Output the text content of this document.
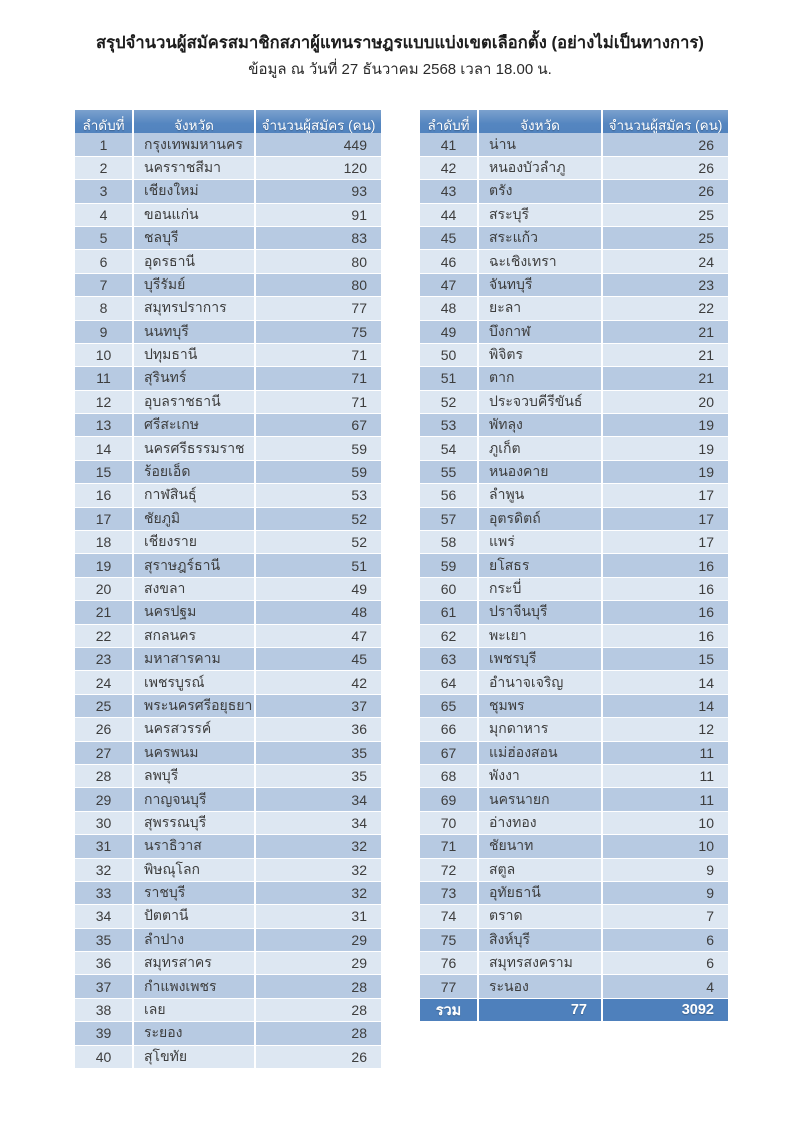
สรุปจำนวนผู้สมัครสมาชิกสภาผู้แทนราษฎรแบบแบ่งเขตเลือกตั้ง (อย่างไม่เป็นทางการ)
ข้อมูล ณ วันที่ 27 ธันวาคม 2568 เวลา 18.00 น.
ลำดับที่	จังหวัด	จำนวนผู้สมัคร (คน)
1	กรุงเทพมหานคร	449
2	นครราชสีมา	120
3	เชียงใหม่	93
4	ขอนแก่น	91
5	ชลบุรี	83
6	อุดรธานี	80
7	บุรีรัมย์	80
8	สมุทรปราการ	77
9	นนทบุรี	75
10	ปทุมธานี	71
11	สุรินทร์	71
12	อุบลราชธานี	71
13	ศรีสะเกษ	67
14	นครศรีธรรมราช	59
15	ร้อยเอ็ด	59
16	กาฬสินธุ์	53
17	ชัยภูมิ	52
18	เชียงราย	52
19	สุราษฎร์ธานี	51
20	สงขลา	49
21	นครปฐม	48
22	สกลนคร	47
23	มหาสารคาม	45
24	เพชรบูรณ์	42
25	พระนครศรีอยุธยา	37
26	นครสวรรค์	36
27	นครพนม	35
28	ลพบุรี	35
29	กาญจนบุรี	34
30	สุพรรณบุรี	34
31	นราธิวาส	32
32	พิษณุโลก	32
33	ราชบุรี	32
34	ปัตตานี	31
35	ลำปาง	29
36	สมุทรสาคร	29
37	กำแพงเพชร	28
38	เลย	28
39	ระยอง	28
40	สุโขทัย	26
ลำดับที่	จังหวัด	จำนวนผู้สมัคร (คน)
41	น่าน	26
42	หนองบัวลำภู	26
43	ตรัง	26
44	สระบุรี	25
45	สระแก้ว	25
46	ฉะเชิงเทรา	24
47	จันทบุรี	23
48	ยะลา	22
49	บึงกาฬ	21
50	พิจิตร	21
51	ตาก	21
52	ประจวบคีรีขันธ์	20
53	พัทลุง	19
54	ภูเก็ต	19
55	หนองคาย	19
56	ลำพูน	17
57	อุตรดิตถ์	17
58	แพร่	17
59	ยโสธร	16
60	กระบี่	16
61	ปราจีนบุรี	16
62	พะเยา	16
63	เพชรบุรี	15
64	อำนาจเจริญ	14
65	ชุมพร	14
66	มุกดาหาร	12
67	แม่ฮ่องสอน	11
68	พังงา	11
69	นครนายก	11
70	อ่างทอง	10
71	ชัยนาท	10
72	สตูล	9
73	อุทัยธานี	9
74	ตราด	7
75	สิงห์บุรี	6
76	สมุทรสงคราม	6
77	ระนอง	4
รวม	77	3092
